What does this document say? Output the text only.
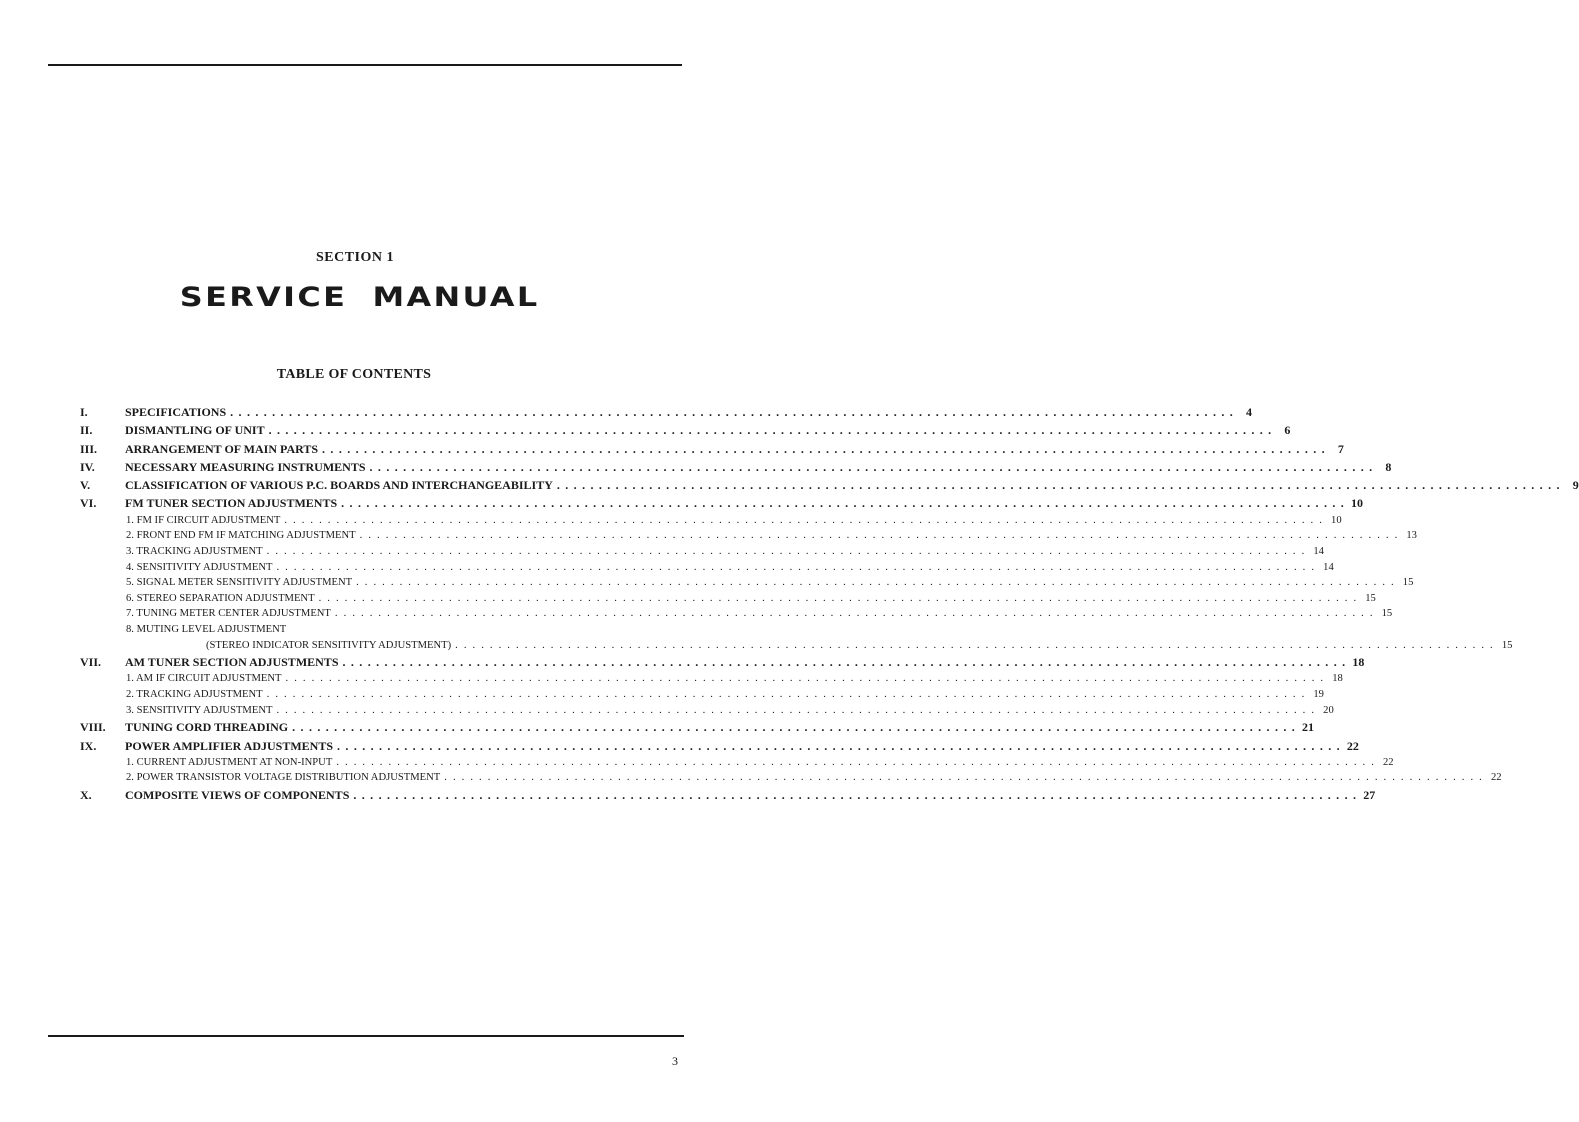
SECTION 1
SERVICE MANUAL
TABLE OF CONTENTS
I.	SPECIFICATIONS . . . . . . . . . . . . . . . . . . . . . . . . . . . . . . . . . . . . . . . . . . . . . . . . . . . . . . . . . . . . . . . . . . . . . . . . . . . . . . . . . . . . . . . . . . . . . . . . . . . . . . . . . . . . . . . . . . . . . . . .	4
II.	DISMANTLING OF UNIT . . . . . . . . . . . . . . . . . . . . . . . . . . . . . . . . . . . . . . . . . . . . . . . . . . . . . . . . . . . . . . . . . . . . . . . . . . . . . . . . . . . . . . . . . . . . . . . . . . . . . . . . . . . . . . . . . . . . . . . .	6
III.	ARRANGEMENT OF MAIN PARTS . . . . . . . . . . . . . . . . . . . . . . . . . . . . . . . . . . . . . . . . . . . . . . . . . . . . . . . . . . . . . . . . . . . . . . . . . . . . . . . . . . . . . . . . . . . . . . . . . . . . . . . . . . . . . . . . . . . . . . . .	7
IV.	NECESSARY MEASURING INSTRUMENTS . . . . . . . . . . . . . . . . . . . . . . . . . . . . . . . . . . . . . . . . . . . . . . . . . . . . . . . . . . . . . . . . . . . . . . . . . . . . . . . . . . . . . . . . . . . . . . . . . . . . . . . . . . . . . . . . . . . . . . . .	8
V.	CLASSIFICATION OF VARIOUS P.C. BOARDS AND INTERCHANGEABILITY . . . . . . . . . . . . . . . . . . . . . . . . . . . . . . . . . . . . . . . . . . . . . . . . . . . . . . . . . . . . . . . . . . . . . . . . . . . . . . . . . . . . . . . . . . . . . . . . . . . . . . . . . . . . . . . . . . . . . . . .	9
VI.	FM TUNER SECTION ADJUSTMENTS . . . . . . . . . . . . . . . . . . . . . . . . . . . . . . . . . . . . . . . . . . . . . . . . . . . . . . . . . . . . . . . . . . . . . . . . . . . . . . . . . . . . . . . . . . . . . . . . . . . . . . . . . . . . . . . . . . . . . . . . 10
1. FM IF CIRCUIT ADJUSTMENT . . . . . . . . . . . . . . . . . . . . . . . . . . . . . . . . . . . . . . . . . . . . . . . . . . . . . . . . . . . . . . . . . . . . . . . . . . . . . . . . . . . . . . . . . . . . . . . . . . . . . . . . . . . . . . . . . . . . . . . . 10
2. FRONT END FM IF MATCHING ADJUSTMENT . . . . . . . . . . . . . . . . . . . . . . . . . . . . . . . . . . . . . . . . . . . . . . . . . . . . . . . . . . . . . . . . . . . . . . . . . . . . . . . . . . . . . . . . . . . . . . . . . . . . . . . . . . . . . . . . . . . . . . . . 13
3. TRACKING ADJUSTMENT . . . . . . . . . . . . . . . . . . . . . . . . . . . . . . . . . . . . . . . . . . . . . . . . . . . . . . . . . . . . . . . . . . . . . . . . . . . . . . . . . . . . . . . . . . . . . . . . . . . . . . . . . . . . . . . . . . . . . . . . 14
4. SENSITIVITY ADJUSTMENT . . . . . . . . . . . . . . . . . . . . . . . . . . . . . . . . . . . . . . . . . . . . . . . . . . . . . . . . . . . . . . . . . . . . . . . . . . . . . . . . . . . . . . . . . . . . . . . . . . . . . . . . . . . . . . . . . . . . . . . . 14
5. SIGNAL METER SENSITIVITY ADJUSTMENT . . . . . . . . . . . . . . . . . . . . . . . . . . . . . . . . . . . . . . . . . . . . . . . . . . . . . . . . . . . . . . . . . . . . . . . . . . . . . . . . . . . . . . . . . . . . . . . . . . . . . . . . . . . . . . . . . . . . . . . . 15
6. STEREO SEPARATION ADJUSTMENT . . . . . . . . . . . . . . . . . . . . . . . . . . . . . . . . . . . . . . . . . . . . . . . . . . . . . . . . . . . . . . . . . . . . . . . . . . . . . . . . . . . . . . . . . . . . . . . . . . . . . . . . . . . . . . . . . . . . . . . . 15
7. TUNING METER CENTER ADJUSTMENT . . . . . . . . . . . . . . . . . . . . . . . . . . . . . . . . . . . . . . . . . . . . . . . . . . . . . . . . . . . . . . . . . . . . . . . . . . . . . . . . . . . . . . . . . . . . . . . . . . . . . . . . . . . . . . . . . . . . . . . . 15
8. MUTING LEVEL ADJUSTMENT
(STEREO INDICATOR SENSITIVITY ADJUSTMENT) . . . . . . . . . . . . . . . . . . . . . . . . . . . . . . . . . . . . . . . . . . . . . . . . . . . . . . . . . . . . . . . . . . . . . . . . . . . . . . . . . . . . . . . . . . . . . . . . . . . . . . . . . . . . . . . . . . . . . . . . 15
VII.	AM TUNER SECTION ADJUSTMENTS . . . . . . . . . . . . . . . . . . . . . . . . . . . . . . . . . . . . . . . . . . . . . . . . . . . . . . . . . . . . . . . . . . . . . . . . . . . . . . . . . . . . . . . . . . . . . . . . . . . . . . . . . . . . . . . . . . . . . . . . 18
1. AM IF CIRCUIT ADJUSTMENT . . . . . . . . . . . . . . . . . . . . . . . . . . . . . . . . . . . . . . . . . . . . . . . . . . . . . . . . . . . . . . . . . . . . . . . . . . . . . . . . . . . . . . . . . . . . . . . . . . . . . . . . . . . . . . . . . . . . . . . . 18
2. TRACKING ADJUSTMENT . . . . . . . . . . . . . . . . . . . . . . . . . . . . . . . . . . . . . . . . . . . . . . . . . . . . . . . . . . . . . . . . . . . . . . . . . . . . . . . . . . . . . . . . . . . . . . . . . . . . . . . . . . . . . . . . . . . . . . . . 19
3. SENSITIVITY ADJUSTMENT . . . . . . . . . . . . . . . . . . . . . . . . . . . . . . . . . . . . . . . . . . . . . . . . . . . . . . . . . . . . . . . . . . . . . . . . . . . . . . . . . . . . . . . . . . . . . . . . . . . . . . . . . . . . . . . . . . . . . . . . 20
VIII.	TUNING CORD THREADING . . . . . . . . . . . . . . . . . . . . . . . . . . . . . . . . . . . . . . . . . . . . . . . . . . . . . . . . . . . . . . . . . . . . . . . . . . . . . . . . . . . . . . . . . . . . . . . . . . . . . . . . . . . . . . . . . . . . . . . . 21
IX.	POWER AMPLIFIER ADJUSTMENTS . . . . . . . . . . . . . . . . . . . . . . . . . . . . . . . . . . . . . . . . . . . . . . . . . . . . . . . . . . . . . . . . . . . . . . . . . . . . . . . . . . . . . . . . . . . . . . . . . . . . . . . . . . . . . . . . . . . . . . . . 22
1. CURRENT ADJUSTMENT AT NON-INPUT . . . . . . . . . . . . . . . . . . . . . . . . . . . . . . . . . . . . . . . . . . . . . . . . . . . . . . . . . . . . . . . . . . . . . . . . . . . . . . . . . . . . . . . . . . . . . . . . . . . . . . . . . . . . . . . . . . . . . . . . 22
2. POWER TRANSISTOR VOLTAGE DISTRIBUTION ADJUSTMENT . . . . . . . . . . . . . . . . . . . . . . . . . . . . . . . . . . . . . . . . . . . . . . . . . . . . . . . . . . . . . . . . . . . . . . . . . . . . . . . . . . . . . . . . . . . . . . . . . . . . . . . . . . . . . . . . . . . . . . . . 22
X.	COMPOSITE VIEWS OF COMPONENTS . . . . . . . . . . . . . . . . . . . . . . . . . . . . . . . . . . . . . . . . . . . . . . . . . . . . . . . . . . . . . . . . . . . . . . . . . . . . . . . . . . . . . . . . . . . . . . . . . . . . . . . . . . . . . . . . . . . . . . . . 27
3
